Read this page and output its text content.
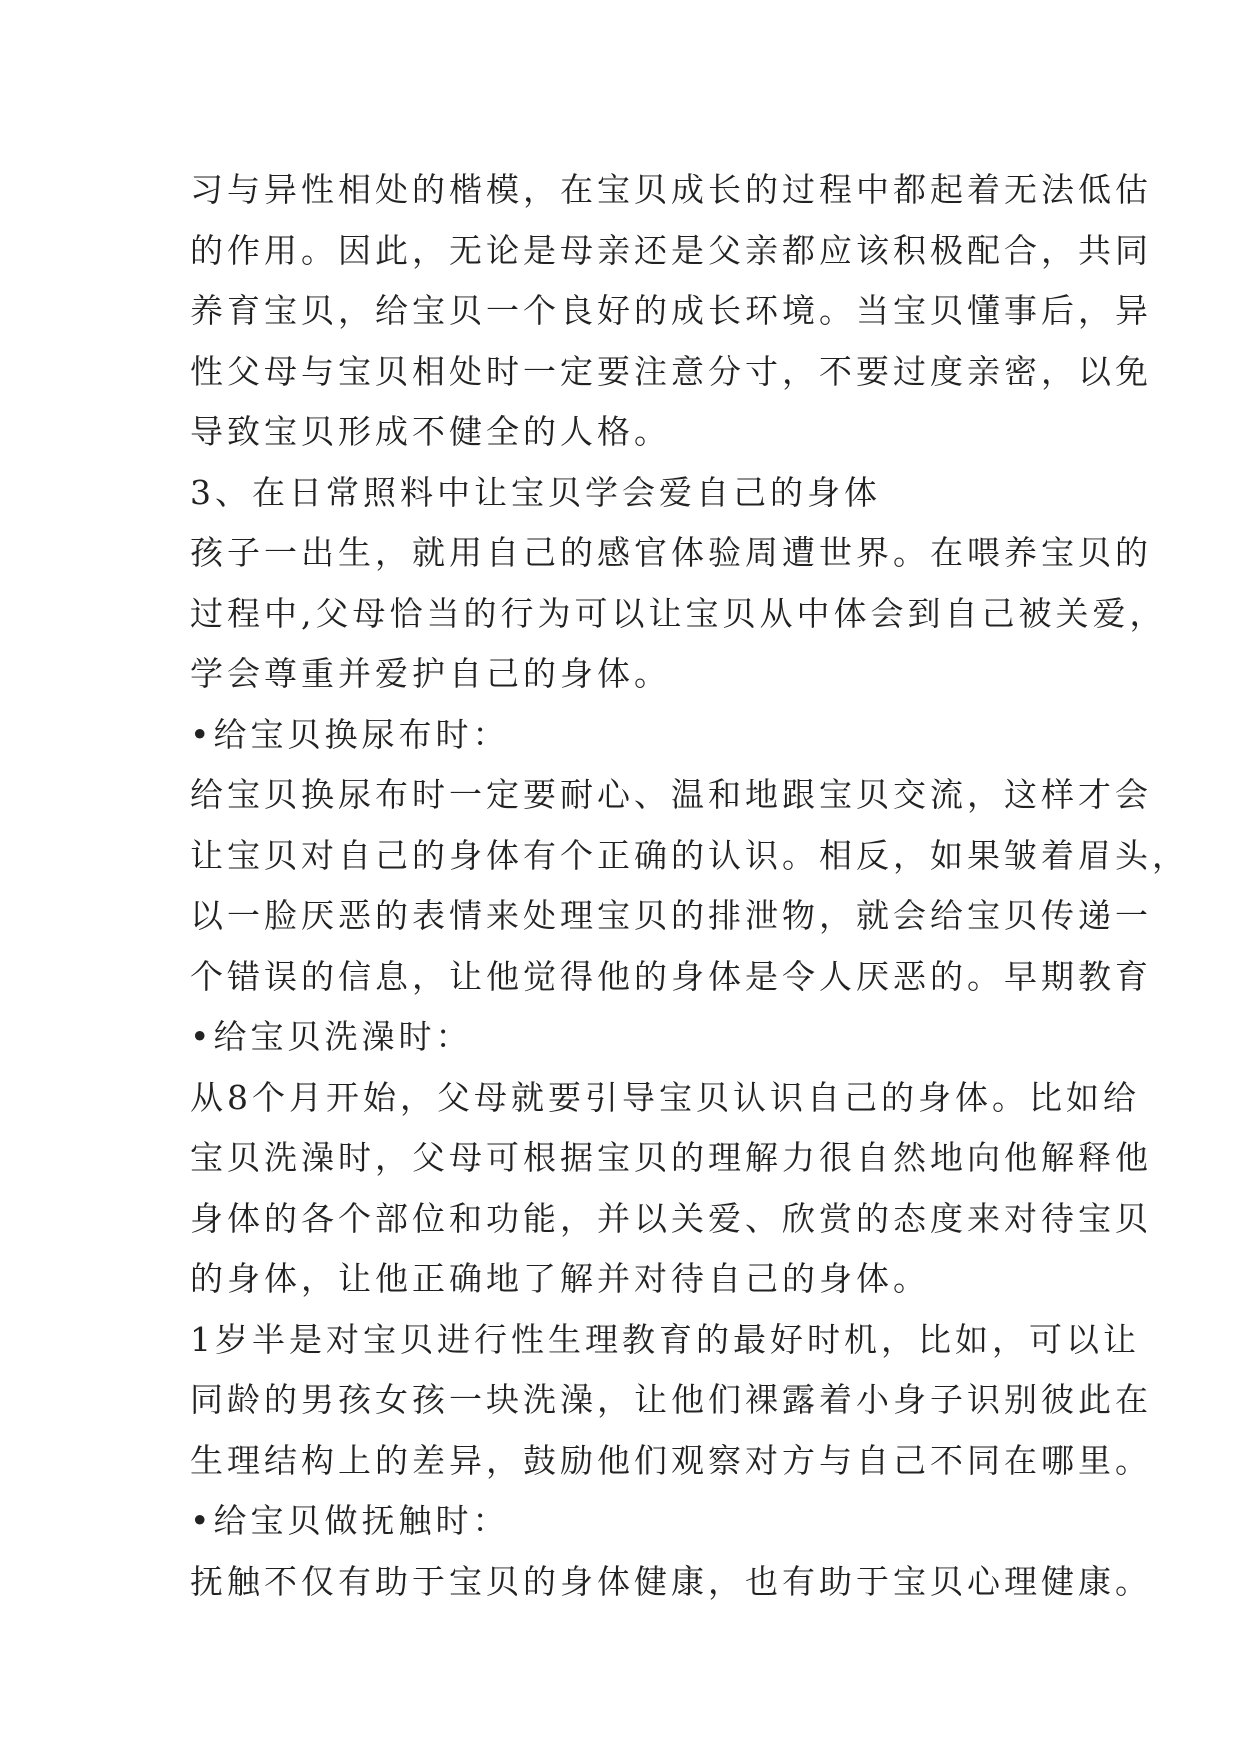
习与异性相处的楷模，在宝贝成长的过程中都起着无法低估
的作用。因此，无论是母亲还是父亲都应该积极配合，共同
养育宝贝，给宝贝一个良好的成长环境。当宝贝懂事后，异
性父母与宝贝相处时一定要注意分寸，不要过度亲密，以免
导致宝贝形成不健全的人格。
3、在日常照料中让宝贝学会爱自己的身体
孩子一出生，就用自己的感官体验周遭世界。在喂养宝贝的
过程中,父母恰当的行为可以让宝贝从中体会到自己被关爱，
学会尊重并爱护自己的身体。
•给宝贝换尿布时：
给宝贝换尿布时一定要耐心、温和地跟宝贝交流，这样才会
让宝贝对自己的身体有个正确的认识。相反，如果皱着眉头，
以一脸厌恶的表情来处理宝贝的排泄物，就会给宝贝传递一
个错误的信息，让他觉得他的身体是令人厌恶的。早期教育
•给宝贝洗澡时：
从8个月开始，父母就要引导宝贝认识自己的身体。比如给
宝贝洗澡时，父母可根据宝贝的理解力很自然地向他解释他
身体的各个部位和功能，并以关爱、欣赏的态度来对待宝贝
的身体，让他正确地了解并对待自己的身体。
1岁半是对宝贝进行性生理教育的最好时机，比如，可以让
同龄的男孩女孩一块洗澡，让他们裸露着小身子识别彼此在
生理结构上的差异，鼓励他们观察对方与自己不同在哪里。
•给宝贝做抚触时：
抚触不仅有助于宝贝的身体健康，也有助于宝贝心理健康。
